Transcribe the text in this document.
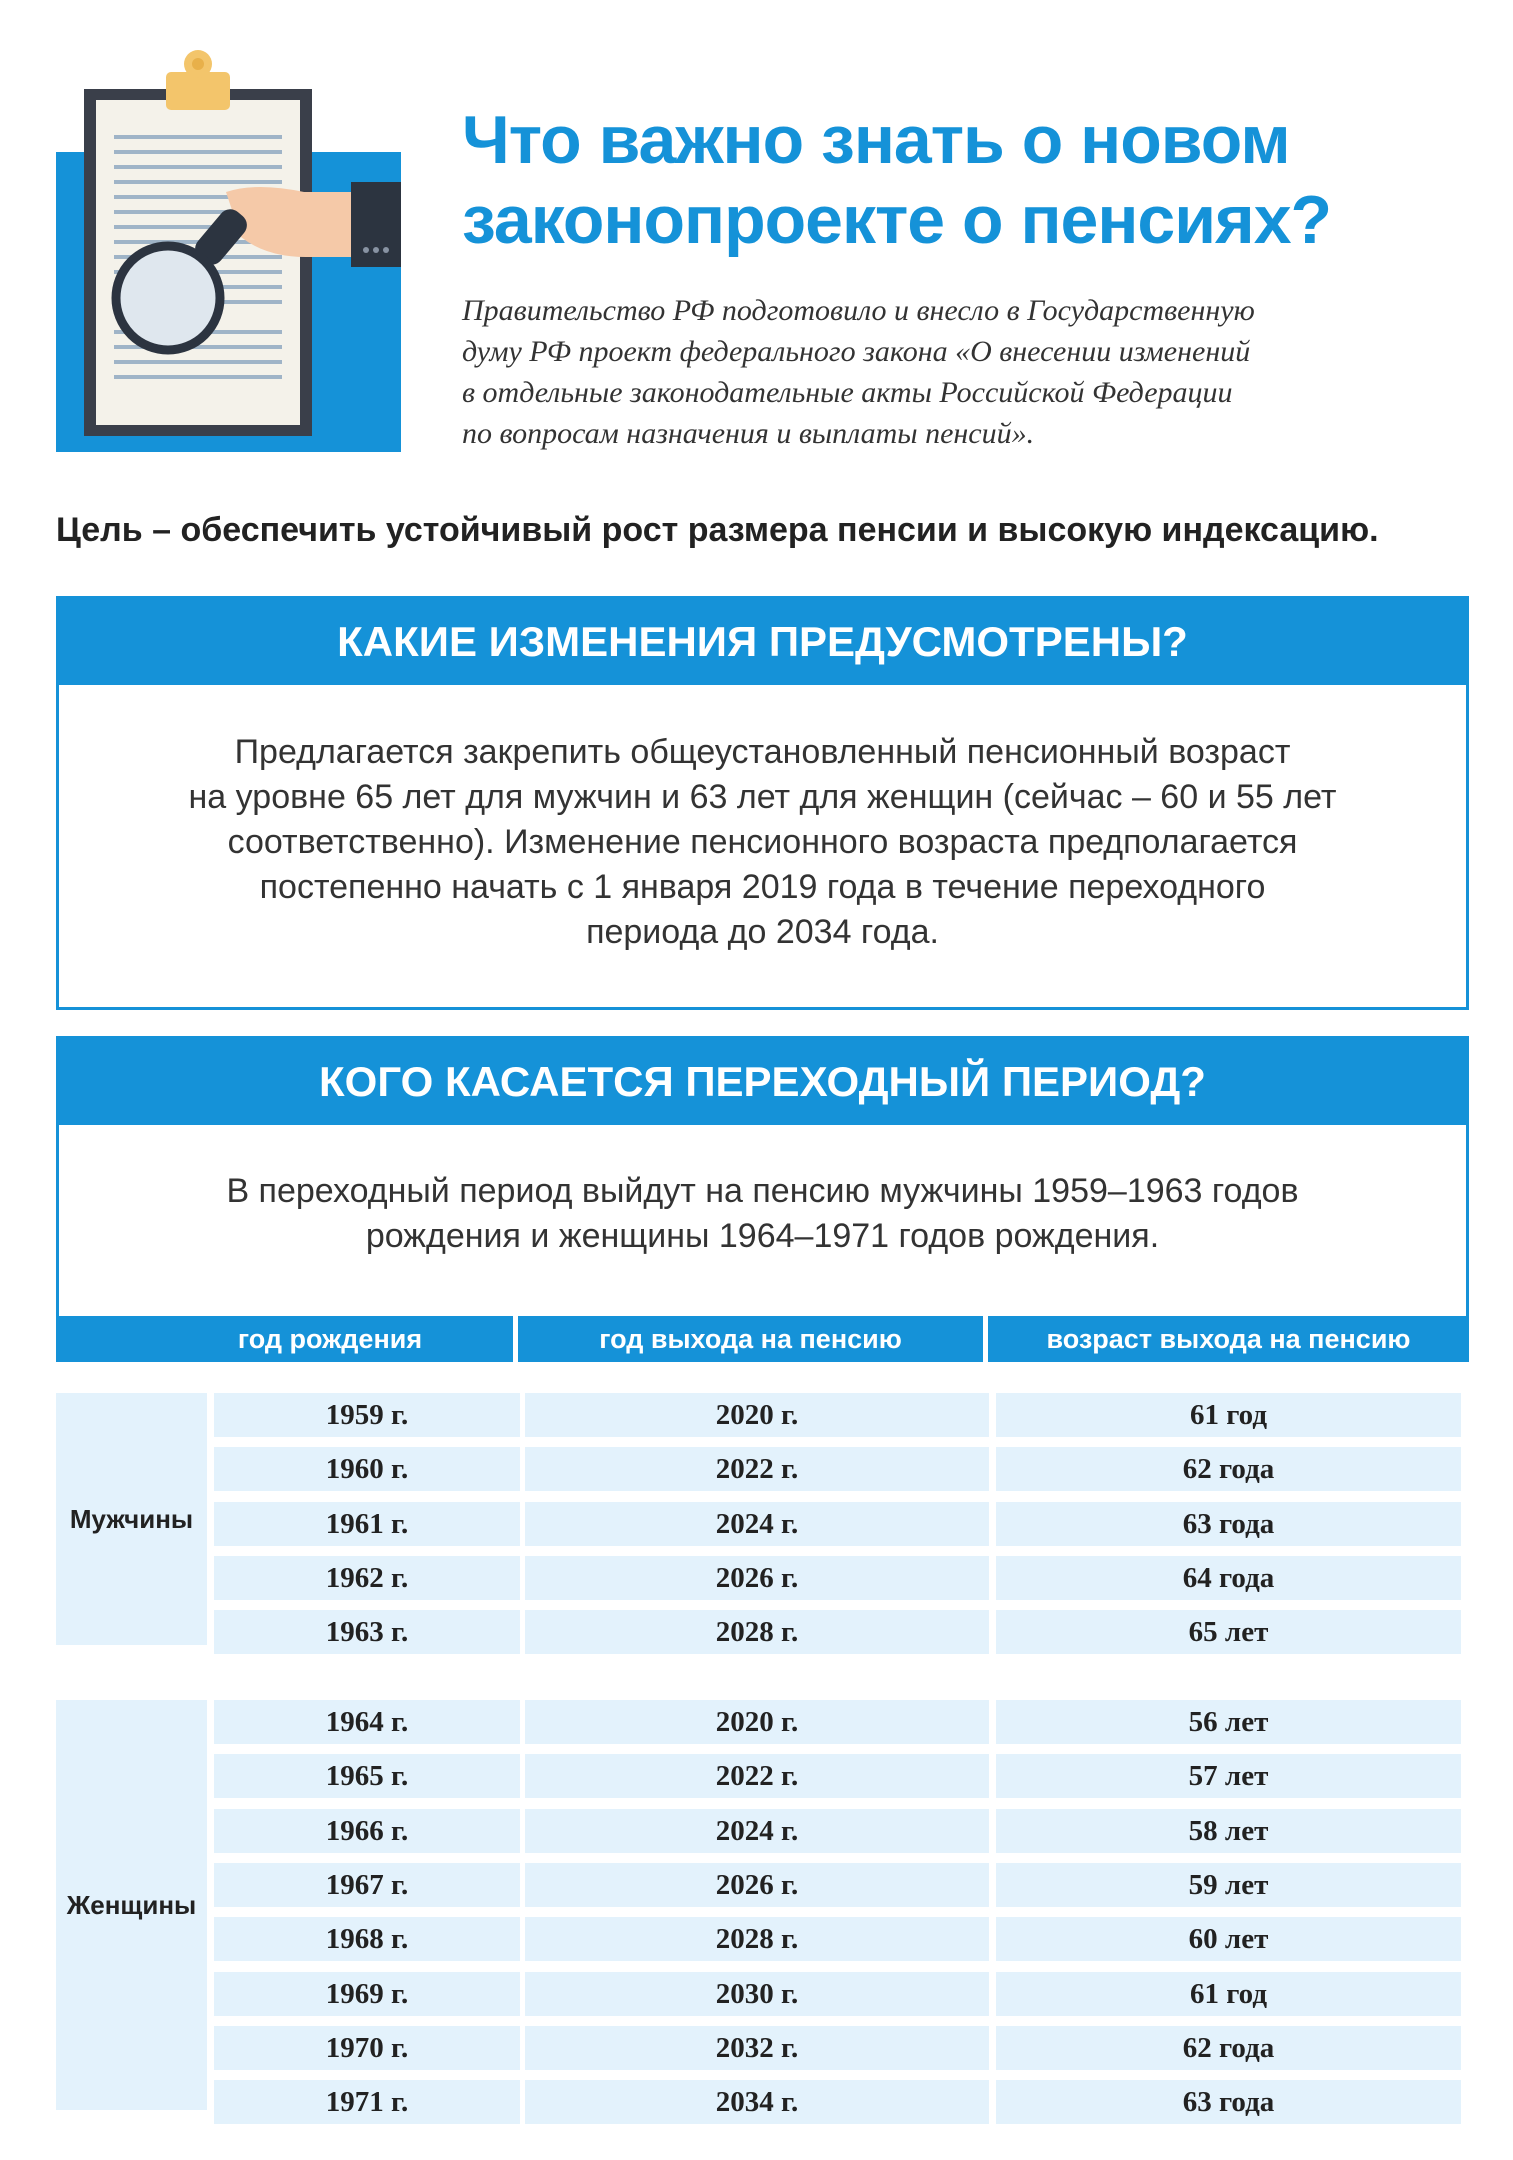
Что важно знать о новом
законопроекте о пенсиях?
Правительство РФ подготовило и внесло в Государственную
думу РФ проект федерального закона «О внесении изменений
в отдельные законодательные акты Российской Федерации
по вопросам назначения и выплаты пенсий».
Цель – обеспечить устойчивый рост размера пенсии и высокую индексацию.
КАКИЕ ИЗМЕНЕНИЯ ПРЕДУСМОТРЕНЫ?
Предлагается закрепить общеустановленный пенсионный возраст
на уровне 65 лет для мужчин и 63 лет для женщин (сейчас – 60 и 55 лет
соответственно). Изменение пенсионного возраста предполагается
постепенно начать с 1 января 2019 года в течение переходного
периода до 2034 года.
КОГО КАСАЕТСЯ ПЕРЕХОДНЫЙ ПЕРИОД?
В переходный период выйдут на пенсию мужчины 1959–1963 годов
рождения и женщины 1964–1971 годов рождения.
год рождения	год выхода на пенсию	возраст выхода на пенсию
Мужчины
1959 г.	2020 г.	61 год
1960 г.	2022 г.	62 года
1961 г.	2024 г.	63 года
1962 г.	2026 г.	64 года
1963 г.	2028 г.	65 лет
Женщины
1964 г.	2020 г.	56 лет
1965 г.	2022 г.	57 лет
1966 г.	2024 г.	58 лет
1967 г.	2026 г.	59 лет
1968 г.	2028 г.	60 лет
1969 г.	2030 г.	61 год
1970 г.	2032 г.	62 года
1971 г.	2034 г.	63 года
